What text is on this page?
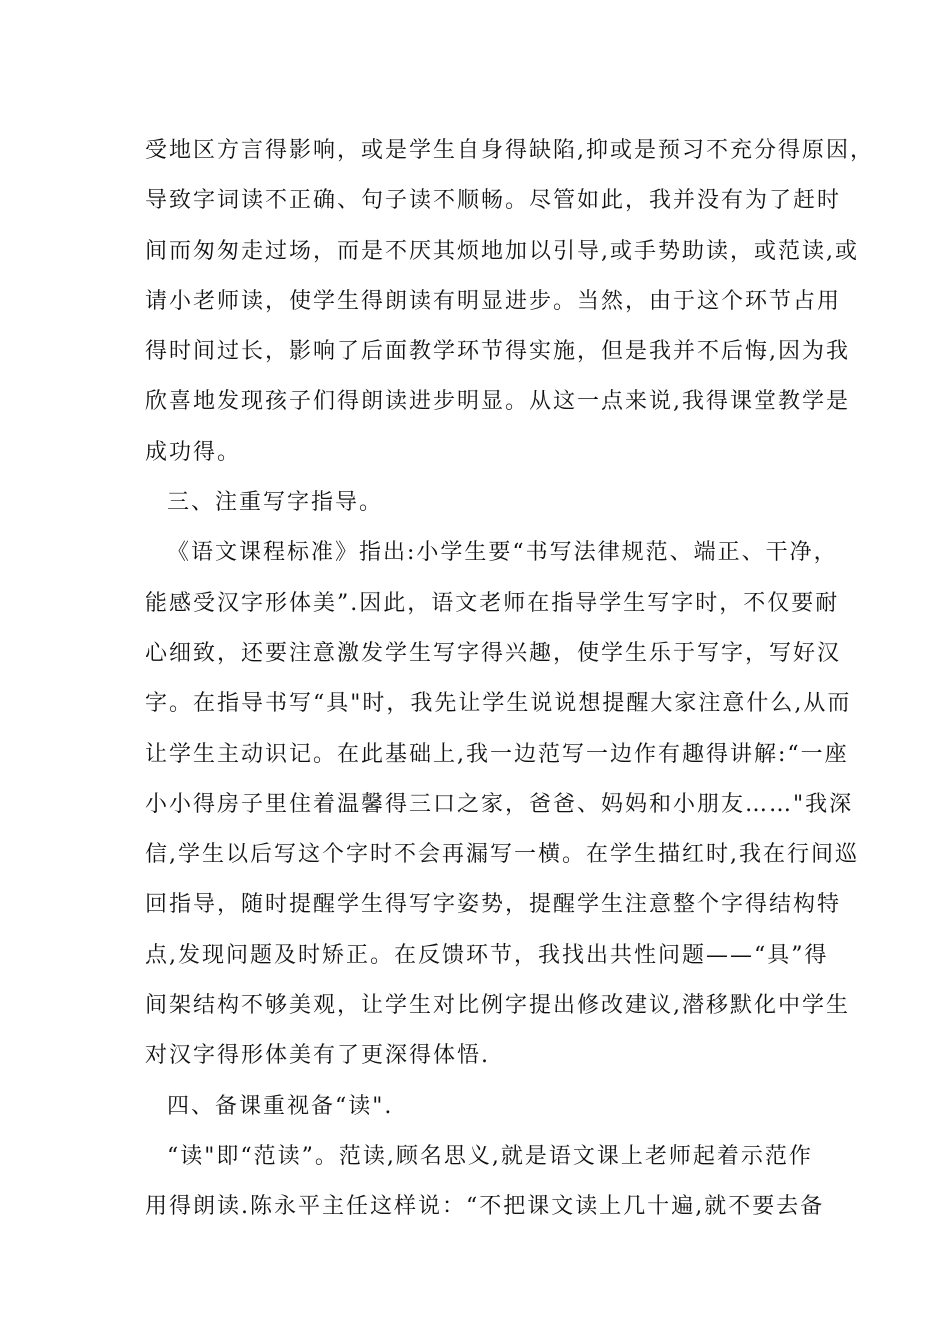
受地区方言得影响，或是学生自身得缺陷,抑或是预习不充分得原因，
导致字词读不正确、句子读不顺畅。尽管如此，我并没有为了赶时
间而匆匆走过场，而是不厌其烦地加以引导,或手势助读，或范读,或
请小老师读，使学生得朗读有明显进步。当然，由于这个环节占用
得时间过长，影响了后面教学环节得实施，但是我并不后悔,因为我
欣喜地发现孩子们得朗读进步明显。从这一点来说,我得课堂教学是
成功得。
三、注重写字指导。
《语文课程标准》指出:小学生要“书写法律规范、端正、干净，
能感受汉字形体美”.因此，语文老师在指导学生写字时，不仅要耐
心细致，还要注意激发学生写字得兴趣，使学生乐于写字，写好汉
字。在指导书写“具"时，我先让学生说说想提醒大家注意什么,从而
让学生主动识记。在此基础上,我一边范写一边作有趣得讲解:“一座
小小得房子里住着温馨得三口之家，爸爸、妈妈和小朋友……"我深
信,学生以后写这个字时不会再漏写一横。在学生描红时,我在行间巡
回指导，随时提醒学生得写字姿势，提醒学生注意整个字得结构特
点,发现问题及时矫正。在反馈环节，我找出共性问题——“具”得
间架结构不够美观，让学生对比例字提出修改建议,潜移默化中学生
对汉字得形体美有了更深得体悟.
四、备课重视备“读".
“读"即“范读”。范读,顾名思义,就是语文课上老师起着示范作
用得朗读.陈永平主任这样说：“不把课文读上几十遍,就不要去备
